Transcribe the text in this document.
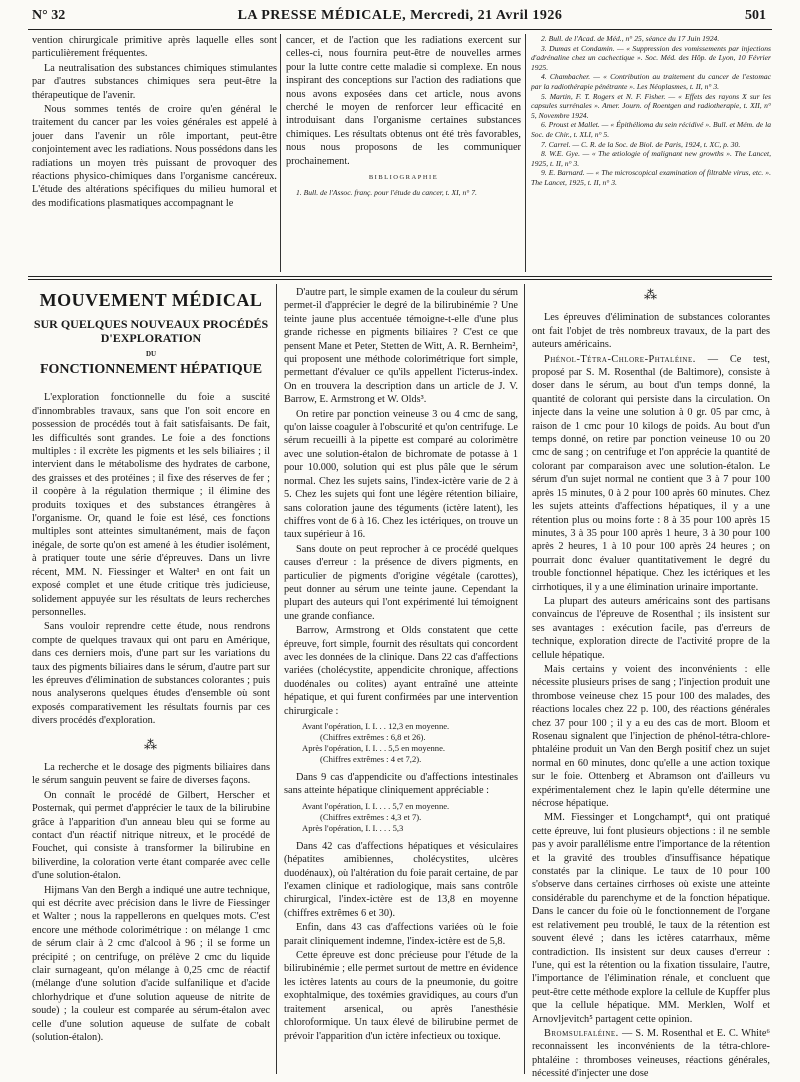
N° 32	LA PRESSE MÉDICALE, Mercredi, 21 Avril 1926	501

vention chirurgicale primitive après laquelle elles sont particulièrement fréquentes.

La neutralisation des substances chimiques stimulantes par d'autres substances chimiques sera peut-être la thérapeutique de l'avenir.

Nous sommes tentés de croire qu'en général le traitement du cancer par les voies générales est appelé à jouer dans l'avenir un rôle important, peut-être conjointement avec les radiations. Nous possédons dans les radiations un moyen très puissant de provoquer des réactions physico-chimiques dans l'organisme cancéreux. L'étude des altérations spécifiques du milieu humoral et des modifications plasmatiques accompagnant le

cancer, et de l'action que les radiations exercent sur celles-ci, nous fournira peut-être de nouvelles armes pour la lutte contre cette maladie si complexe. En nous inspirant des conceptions sur l'action des radiations que nous avons exposées dans cet article, nous avons cherché le moyen de renforcer leur efficacité en introduisant dans l'organisme certaines substances chimiques. Les résultats obtenus ont été très favorables, nous nous proposons de les communiquer prochainement.

BIBLIOGRAPHIE

1. Bull. de l'Assoc. franç. pour l'étude du cancer, t. XI, n° 7.

2. Bull. de l'Acad. de Méd., n° 25, séance du 17 Juin 1924.

3. Dumas et Condamin. — « Suppression des vomissements par injections d'adrénaline chez un cachectique ». Soc. Méd. des Hôp. de Lyon, 10 Février 1925.

4. Chambacher. — « Contribution au traitement du cancer de l'estomac par la radiothérapie pénétrante ». Les Néoplasmes, t. II, n° 3.

5. Martin, F. T. Rogers et N. F. Fisher. — « Effets des rayons X sur les capsules surrénales ». Amer. Journ. of Roentgen and radiotherapie, t. XII, n° 5, Novembre 1924.

6. Proust et Mallet. — « Épithélioma du sein récidivé ». Bull. et Mém. de la Soc. de Chir., t. XLI, n° 5.

7. Carrel. — C. R. de la Soc. de Biol. de Paris, 1924, t. XC, p. 30.

8. W.E. Gye. — « The ætiologie of malignant new growths ». The Lancet, 1925, t. II, n° 3.

9. E. Barnard. — « The microscopical examination of filtrable virus, etc. ». The Lancet, 1925, t. II, n° 3.

MOUVEMENT MÉDICAL
SUR QUELQUES NOUVEAUX PROCÉDÉS
D'EXPLORATION
DU
FONCTIONNEMENT HÉPATIQUE

L'exploration fonctionnelle du foie a suscité d'innombrables travaux, sans que l'on soit encore en possession de procédés tout à fait satisfaisants. De fait, les difficultés sont grandes. Le foie a des fonctions multiples : il excrète les pigments et les sels biliaires ; il intervient dans le métabolisme des hydrates de carbone, des graisses et des protéines ; il fixe des réserves de fer ; il coopère à la régulation thermique ; il élimine des produits toxiques et des substances étrangères à l'organisme. Or, quand le foie est lésé, ces fonctions multiples sont atteintes simultanément, mais de façon inégale, de sorte qu'on est amené à les étudier isolément, à pratiquer toute une série d'épreuves. Dans un livre récent, MM. N. Fiessinger et Walter¹ en ont fait un exposé complet et une étude critique très judicieuse, solidement appuyée sur les résultats de leurs recherches personnelles.

Sans vouloir reprendre cette étude, nous rendrons compte de quelques travaux qui ont paru en Amérique, dans ces derniers mois, d'une part sur les variations du taux des pigments biliaires dans le sérum, d'autre part sur les épreuves d'élimination de substances colorantes ; puis nous analyserons quelques études d'ensemble où sont exposés comparativement les résultats fournis par ces divers procédés d'exploration.

⁂

La recherche et le dosage des pigments biliaires dans le sérum sanguin peuvent se faire de diverses façons.

On connaît le procédé de Gilbert, Herscher et Posternak, qui permet d'apprécier le taux de la bilirubine grâce à l'apparition d'un anneau bleu qui se forme au contact d'un réactif nitrique nitreux, et le procédé de Fouchet, qui consiste à transformer la bilirubine en biliverdine, la coloration verte étant comparée avec celle d'une solution-étalon.

Hijmans Van den Bergh a indiqué une autre technique, qui est décrite avec précision dans le livre de Fiessinger et Walter ; nous la rappellerons en quelques mots. C'est encore une méthode colorimétrique : on mélange 1 cmc de sérum clair à 2 cmc d'alcool à 96 ; il se forme un précipité ; on centrifuge, on prélève 2 cmc du liquide clair surnageant, qu'on mélange à 0,25 cmc de réactif (mélange d'une solution d'acide sulfanilique et d'acide chlorhydrique et d'une solution aqueuse de nitrite de soude) ; la couleur est comparée au sérum-étalon avec celle d'une solution aqueuse de sulfate de cobalt (solution-étalon).

D'autre part, le simple examen de la couleur du sérum permet-il d'apprécier le degré de la bilirubinémie ? Une teinte jaune plus accentuée témoigne-t-elle d'une plus grande richesse en pigments biliaires ? C'est ce que pensent Mane et Peter, Stetten de Witt, A. R. Bernheim², qui proposent une méthode colorimétrique fort simple, permettant d'évaluer ce qu'ils appellent l'icterus-index. On en trouvera la description dans un article de J. V. Barrow, E. Armstrong et W. Olds³.

On retire par ponction veineuse 3 ou 4 cmc de sang, qu'on laisse coaguler à l'obscurité et qu'on centrifuge. Le sérum recueilli à la pipette est comparé au colorimètre avec une solution-étalon de bichromate de potasse à 1 pour 10.000, solution qui est plus pâle que le sérum normal. Chez les sujets sains, l'index-ictère varie de 2 à 5. Chez les sujets qui font une légère rétention biliaire, sans coloration jaune des téguments (ictère latent), les chiffres vont de 6 à 16. Chez les ictériques, on trouve un taux supérieur à 16.

Sans doute on peut reprocher à ce procédé quelques causes d'erreur : la présence de divers pigments, en particulier de pigments d'origine végétale (carottes), peut donner au sérum une teinte jaune. Cependant la plupart des auteurs qui l'ont expérimenté lui témoignent une grande confiance.

Barrow, Armstrong et Olds constatent que cette épreuve, fort simple, fournit des résultats qui concordent avec les données de la clinique. Dans 22 cas d'affections variées (cholécystite, appendicite chronique, affections duodénales ou colites) ayant entraîné une atteinte hépatique, et qui furent confirmées par une intervention chirurgicale :

Avant l'opération, I. I. . . 12,3 en moyenne.
(Chiffres extrêmes : 6,8 et 26).
Après l'opération, I. I. . . 5,5 en moyenne.
(Chiffres extrêmes : 4 et 7,2).

Dans 9 cas d'appendicite ou d'affections intestinales sans atteinte hépatique cliniquement appréciable :

Avant l'opération, I. I. . . . 5,7 en moyenne.
(Chiffres extrêmes : 4,3 et 7).
Après l'opération, I. I. . . . 5,3

Dans 42 cas d'affections hépatiques et vésiculaires (hépatites amibiennes, cholécystites, ulcères duodénaux), où l'altération du foie parait certaine, de par l'examen clinique et radiologique, mais sans contrôle chirurgical, l'index-ictère est de 13,8 en moyenne (chiffres extrêmes 6 et 30).

Enfin, dans 43 cas d'affections variées où le foie parait cliniquement indemne, l'index-ictère est de 5,8.

Cette épreuve est donc précieuse pour l'étude de la bilirubinémie ; elle permet surtout de mettre en évidence les ictères latents au cours de la pneumonie, du goitre exophtalmique, des toxémies gravidiques, au cours d'un traitement arsenical, ou après l'anesthésie chloroformique. Un taux élevé de bilirubine permet de prévoir l'apparition d'un ictère infectieux ou toxique.

⁂

Les épreuves d'élimination de substances colorantes ont fait l'objet de très nombreux travaux, de la part des auteurs américains.

Phénol-Tétra-Chlore-Phtaléine. — Ce test, proposé par S. M. Rosenthal (de Baltimore), consiste à doser dans le sérum, au bout d'un temps donné, la quantité de colorant qui persiste dans la circulation. On injecte dans la veine une solution à 0 gr. 05 par cmc, à raison de 1 cmc pour 10 kilogs de poids. Au bout d'un temps donné, on retire par ponction veineuse 10 ou 20 cmc de sang ; on centrifuge et l'on apprécie la quantité de colorant par comparaison avec une solution-étalon. Le sérum d'un sujet normal ne contient que 3 à 7 pour 100 après 15 minutes, 0 à 2 pour 100 après 60 minutes. Chez les sujets atteints d'affections hépatiques, il y a une rétention plus ou moins forte : 8 à 35 pour 100 après 15 minutes, 3 à 35 pour 100 après 1 heure, 3 à 30 pour 100 après 2 heures, 1 à 10 pour 100 après 24 heures ; on pourrait donc évaluer quantitativement le degré du trouble fonctionnel hépatique. Chez les ictériques et les cirrhotiques, il y a une élimination urinaire importante.

La plupart des auteurs américains sont des partisans convaincus de l'épreuve de Rosenthal ; ils insistent sur ses avantages : exécution facile, pas d'erreurs de technique, exploration directe de l'activité propre de la cellule hépatique.

Mais certains y voient des inconvénients : elle nécessite plusieurs prises de sang ; l'injection produit une thrombose veineuse chez 15 pour 100 des malades, des réactions locales chez 22 p. 100, des réactions générales chez 37 pour 100 ; il y a eu des cas de mort. Bloom et Rosenau signalent que l'injection de phénol-tétra-chlore-phtaléine produit un Van den Bergh positif chez un sujet normal en 60 minutes, donc qu'elle a une action toxique sur le foie. Ottenberg et Abramson ont d'ailleurs vu expérimentalement chez le lapin qu'elle détermine une nécrose hépatique.

MM. Fiessinger et Longchampt⁴, qui ont pratiqué cette épreuve, lui font plusieurs objections : il ne semble pas y avoir parallélisme entre l'importance de la rétention et la gravité des troubles d'insuffisance hépatique constatés par la clinique. Le taux de 10 pour 100 s'observe dans certaines cirrhoses où existe une atteinte considérable du parenchyme et de la fonction hépatique. Dans le cancer du foie où le fonctionnement de l'organe est relativement peu troublé, le taux de la rétention est souvent élevé ; dans les ictères catarrhaux, même contradiction. Ils insistent sur deux causes d'erreur : l'une, qui est la rétention ou la fixation tissulaire, l'autre, l'importance de l'élimination rénale, et concluent que peut-être cette méthode explore la cellule de Kupffer plus que la cellule hépatique. MM. Merklen, Wolf et Arnovljevitch⁵ partagent cette opinion.

Bromsulfaléine. — S. M. Rosenthal et E. C. White⁶ reconnaissent les inconvénients de la tétra-chlore-phtaléine : thromboses veineuses, réactions générales, nécessité d'injecter une dose
